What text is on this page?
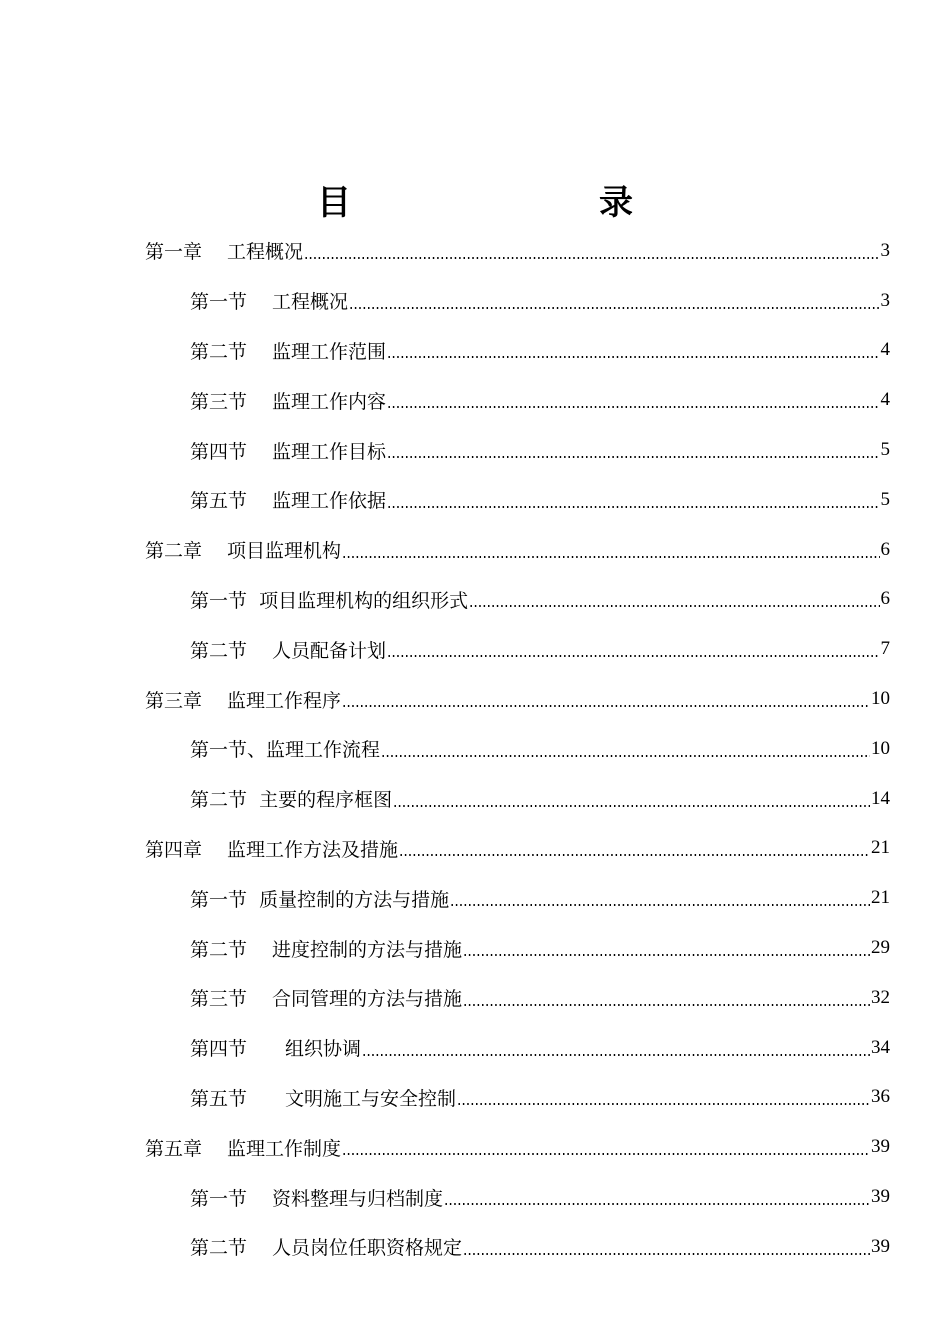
目　　录
第一章　 工程概况	3
第一节　 工程概况	3
第二节　 监理工作范围	4
第三节　 监理工作内容	4
第四节　 监理工作目标	5
第五节　 监理工作依据	5
第二章　 项目监理机构	6
第一节  项目监理机构的组织形式	6
第二节　 人员配备计划	7
第三章　 监理工作程序	10
第一节、监理工作流程	10
第二节  主要的程序框图	14
第四章　 监理工作方法及措施	21
第一节  质量控制的方法与措施	21
第二节　 进度控制的方法与措施	29
第三节　 合同管理的方法与措施	32
第四节　　组织协调	34
第五节　　文明施工与安全控制	36
第五章　 监理工作制度	39
第一节　 资料整理与归档制度	39
第二节　 人员岗位任职资格规定	39
